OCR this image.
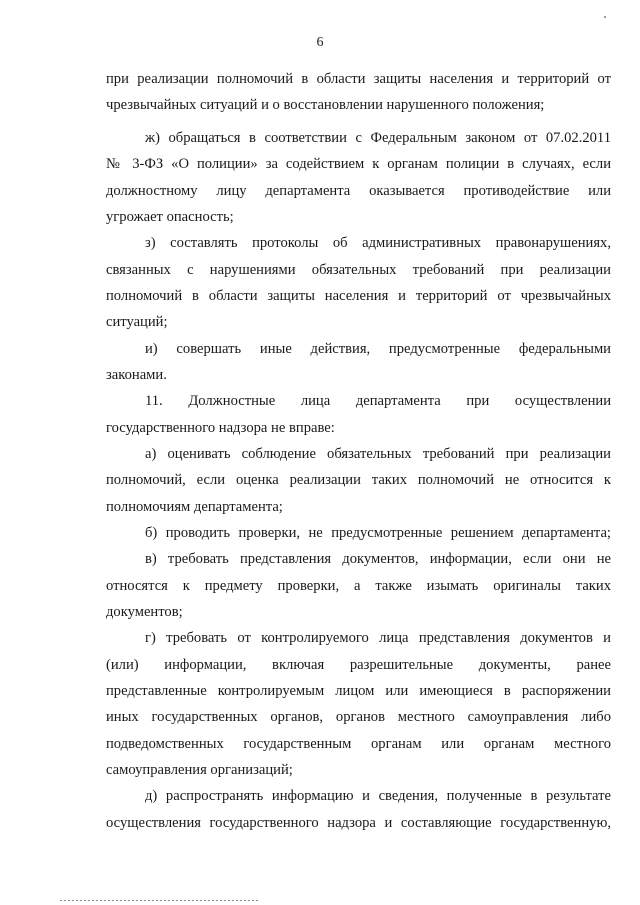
6
при реализации полномочий в области защиты населения и территорий от
чрезвычайных ситуаций и о восстановлении нарушенного положения;
ж) обращаться в соответствии с Федеральным законом от 07.02.2011
№ 3-ФЗ «О полиции» за содействием к органам полиции в случаях, если
должностному лицу департамента оказывается противодействие или
угрожает опасность;
з) составлять протоколы об административных правонарушениях,
связанных с нарушениями обязательных требований при реализации
полномочий в области защиты населения и территорий от чрезвычайных
ситуаций;
и) совершать иные действия, предусмотренные федеральными
законами.
11. Должностные лица департамента при осуществлении
государственного надзора не вправе:
а) оценивать соблюдение обязательных требований при реализации
полномочий, если оценка реализации таких полномочий не относится к
полномочиям департамента;
б) проводить проверки, не предусмотренные решением департамента;
в) требовать представления документов, информации, если они не
относятся к предмету проверки, а также изымать оригиналы таких
документов;
г) требовать от контролируемого лица представления документов и
(или) информации, включая разрешительные документы, ранее
представленные контролируемым лицом или имеющиеся в распоряжении
иных государственных органов, органов местного самоуправления либо
подведомственных государственным органам или органам местного
самоуправления организаций;
д) распространять информацию и сведения, полученные в результате
осуществления государственного надзора и составляющие государственную,
